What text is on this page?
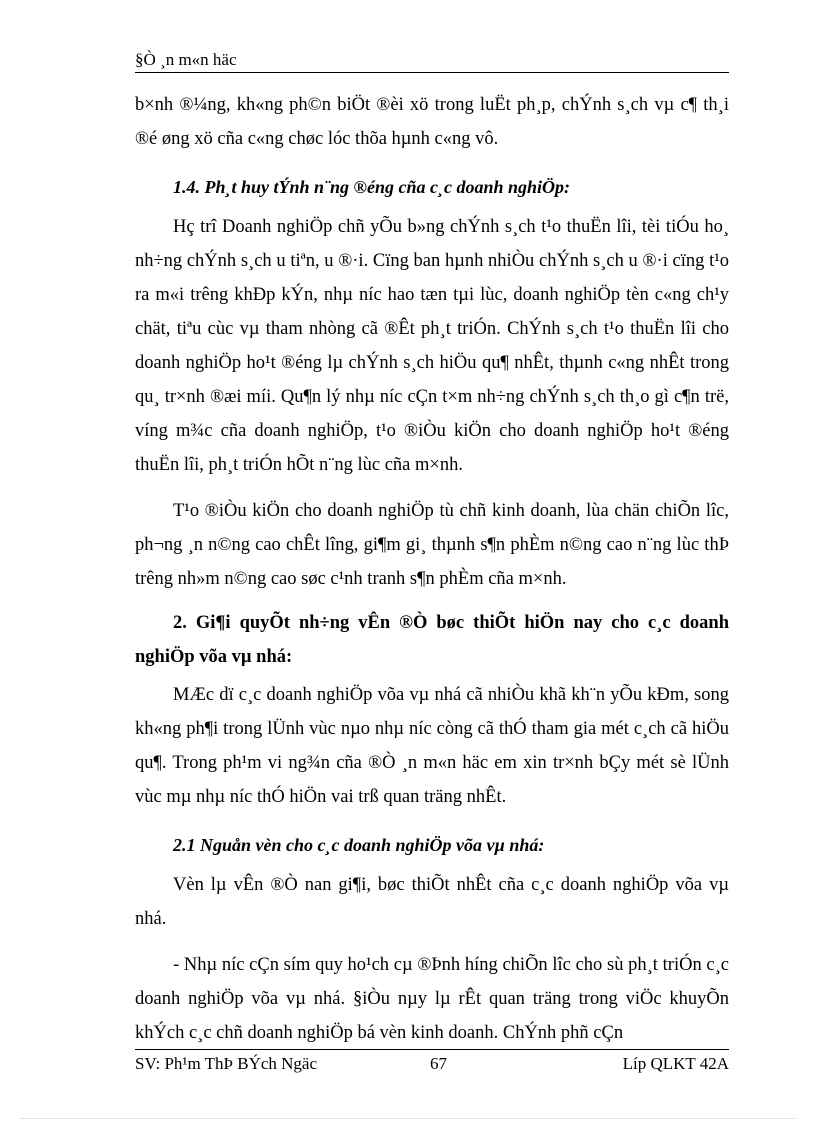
§Ò ¸n m«n häc

b×nh ®¼ng, kh«ng ph©n biÖt ®èi xö trong luËt ph¸p, chÝnh s¸ch vµ c¶ th¸i ®é øng xö cña c«ng chøc lóc thõa hµnh c«ng vô.

1.4. Ph¸t huy tÝnh n¨ng ®éng cña c¸c doanh nghiÖp:

Hç trî Doanh nghiÖp chñ yÕu b»ng chÝnh s¸ch t¹o thuËn lîi, tèi tiÓu ho¸ nh÷ng chÝnh s¸ch u tiªn, u ®·i. Cïng ban hµnh nhiÒu chÝnh s¸ch u ®·i cïng t¹o ra m«i trêng khÐp kÝn, nhµ níc hao tæn tµi lùc, doanh nghiÖp tèn c«ng ch¹y chät, tiªu cùc vµ tham nhòng cã ®Êt ph¸t triÓn. ChÝnh s¸ch t¹o thuËn lîi cho doanh nghiÖp ho¹t ®éng lµ chÝnh s¸ch hiÖu qu¶ nhÊt, thµnh c«ng nhÊt trong qu¸ tr×nh ®æi míi. Qu¶n lý nhµ níc cÇn t×m nh÷ng chÝnh s¸ch th¸o gì c¶n trë, víng m¾c cña doanh nghiÖp, t¹o ®iÒu kiÖn cho doanh nghiÖp ho¹t ®éng thuËn lîi, ph¸t triÓn hÕt n¨ng lùc cña m×nh.

T¹o ®iÒu kiÖn cho doanh nghiÖp tù chñ kinh doanh, lùa chän chiÕn lîc, ph¬ng ¸n n©ng cao chÊt lîng, gi¶m gi¸ thµnh s¶n phÈm n©ng cao n¨ng lùc thÞ trêng nh»m n©ng cao søc c¹nh tranh s¶n phÈm cña m×nh.

2. Gi¶i quyÕt nh÷ng vÊn ®Ò bøc thiÕt hiÖn nay cho c¸c doanh nghiÖp võa vµ nhá:

MÆc dï c¸c doanh nghiÖp võa vµ nhá cã nhiÒu khã kh¨n yÕu kÐm, song kh«ng ph¶i trong lÜnh vùc nµo nhµ níc còng cã thÓ tham gia mét c¸ch cã hiÖu qu¶. Trong ph¹m vi ng¾n cña ®Ò ¸n m«n häc em xin tr×nh bÇy mét sè lÜnh vùc mµ nhµ níc thÓ hiÖn vai trß quan träng nhÊt.

2.1 Nguån vèn cho c¸c doanh nghiÖp võa vµ nhá:

Vèn lµ vÊn ®Ò nan gi¶i, bøc thiÕt nhÊt cña c¸c doanh nghiÖp võa vµ nhá.

- Nhµ níc cÇn sím quy ho¹ch cµ ®Þnh híng chiÕn lîc cho sù ph¸t triÓn c¸c doanh nghiÖp võa vµ nhá. §iÒu nµy lµ rÊt quan träng trong viÖc khuyÕn khÝch c¸c chñ doanh nghiÖp bá vèn kinh doanh. ChÝnh phñ cÇn

SV: Ph¹m ThÞ BÝch Ngäc	67	Líp QLKT 42A
